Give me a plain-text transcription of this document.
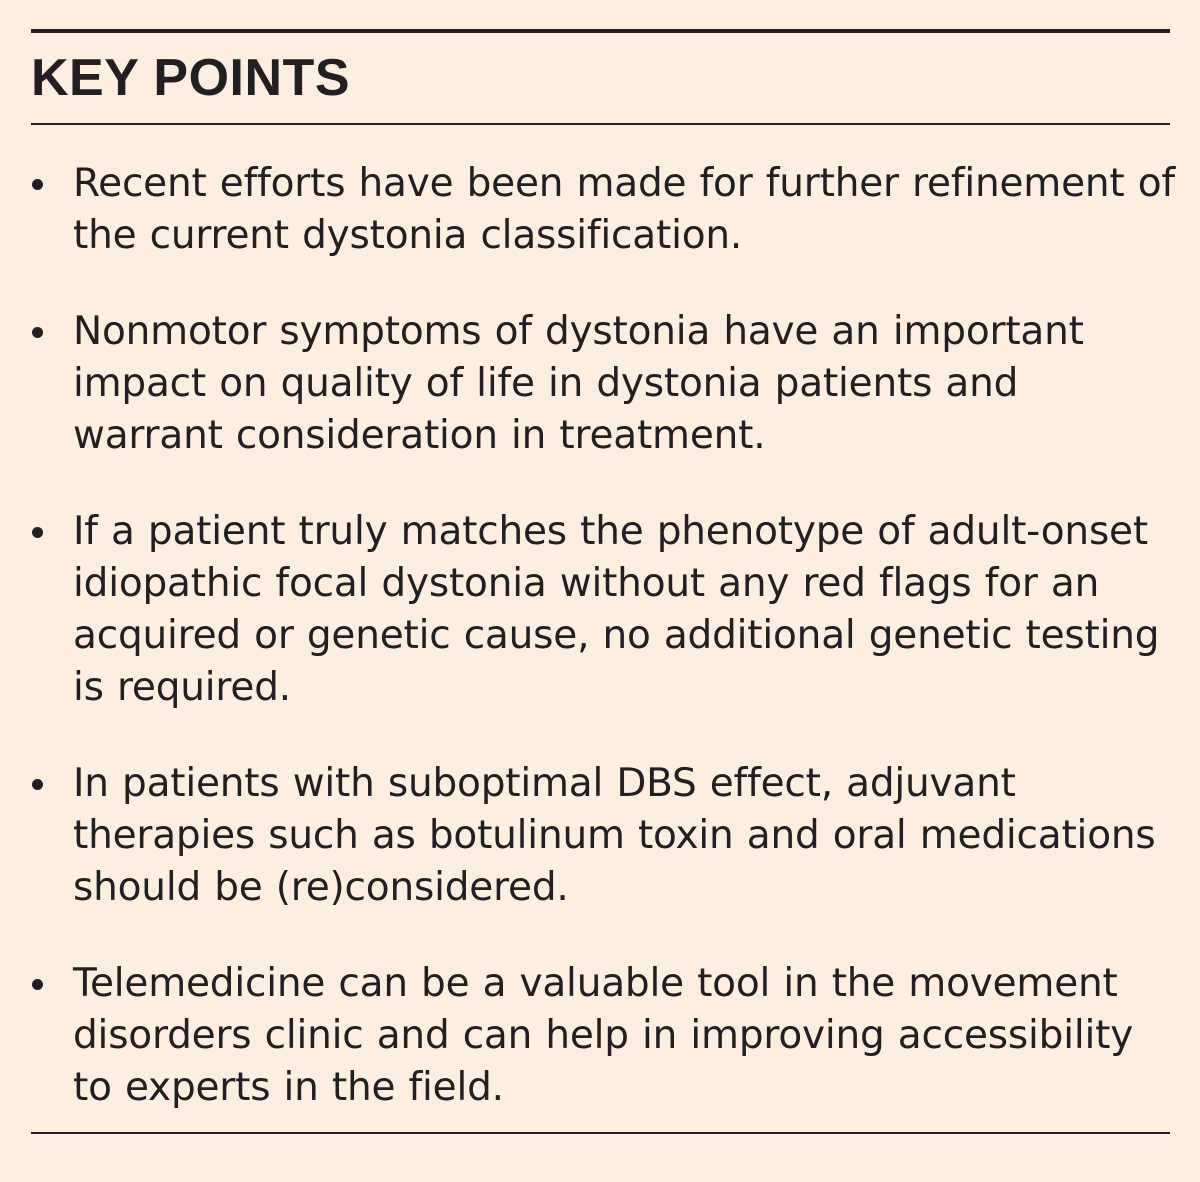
KEY POINTS
Recent efforts have been made for further refinement of
the current dystonia classification.
Nonmotor symptoms of dystonia have an important
impact on quality of life in dystonia patients and
warrant consideration in treatment.
If a patient truly matches the phenotype of adult-onset
idiopathic focal dystonia without any red flags for an
acquired or genetic cause, no additional genetic testing
is required.
In patients with suboptimal DBS effect, adjuvant
therapies such as botulinum toxin and oral medications
should be (re)considered.
Telemedicine can be a valuable tool in the movement
disorders clinic and can help in improving accessibility
to experts in the field.
